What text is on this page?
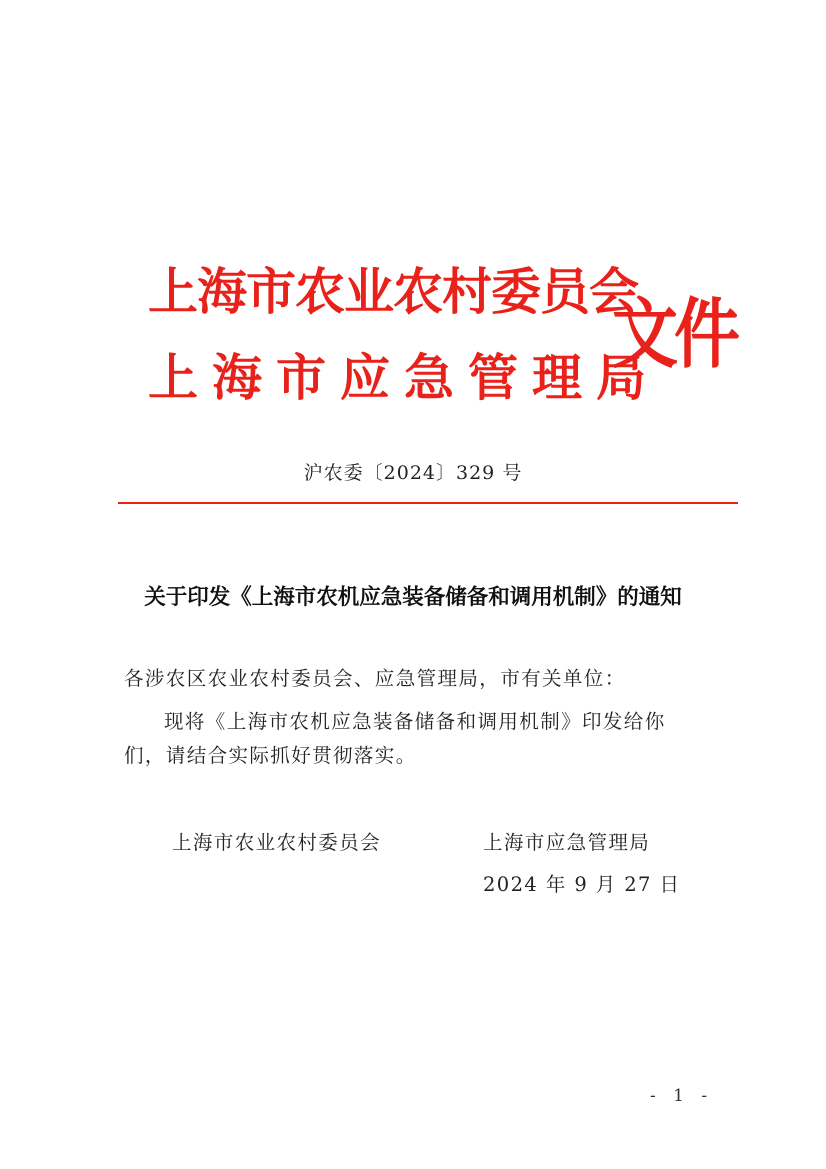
上海市农业农村委员会
上海市应急管理局
文件
沪农委〔2024〕329 号
关于印发《上海市农机应急装备储备和调用机制》的通知
各涉农区农业农村委员会、应急管理局，市有关单位：
现将《上海市农机应急装备储备和调用机制》印发给你
们，请结合实际抓好贯彻落实。
上海市农业农村委员会	上海市应急管理局
2024 年 9 月 27 日
- 1 -
